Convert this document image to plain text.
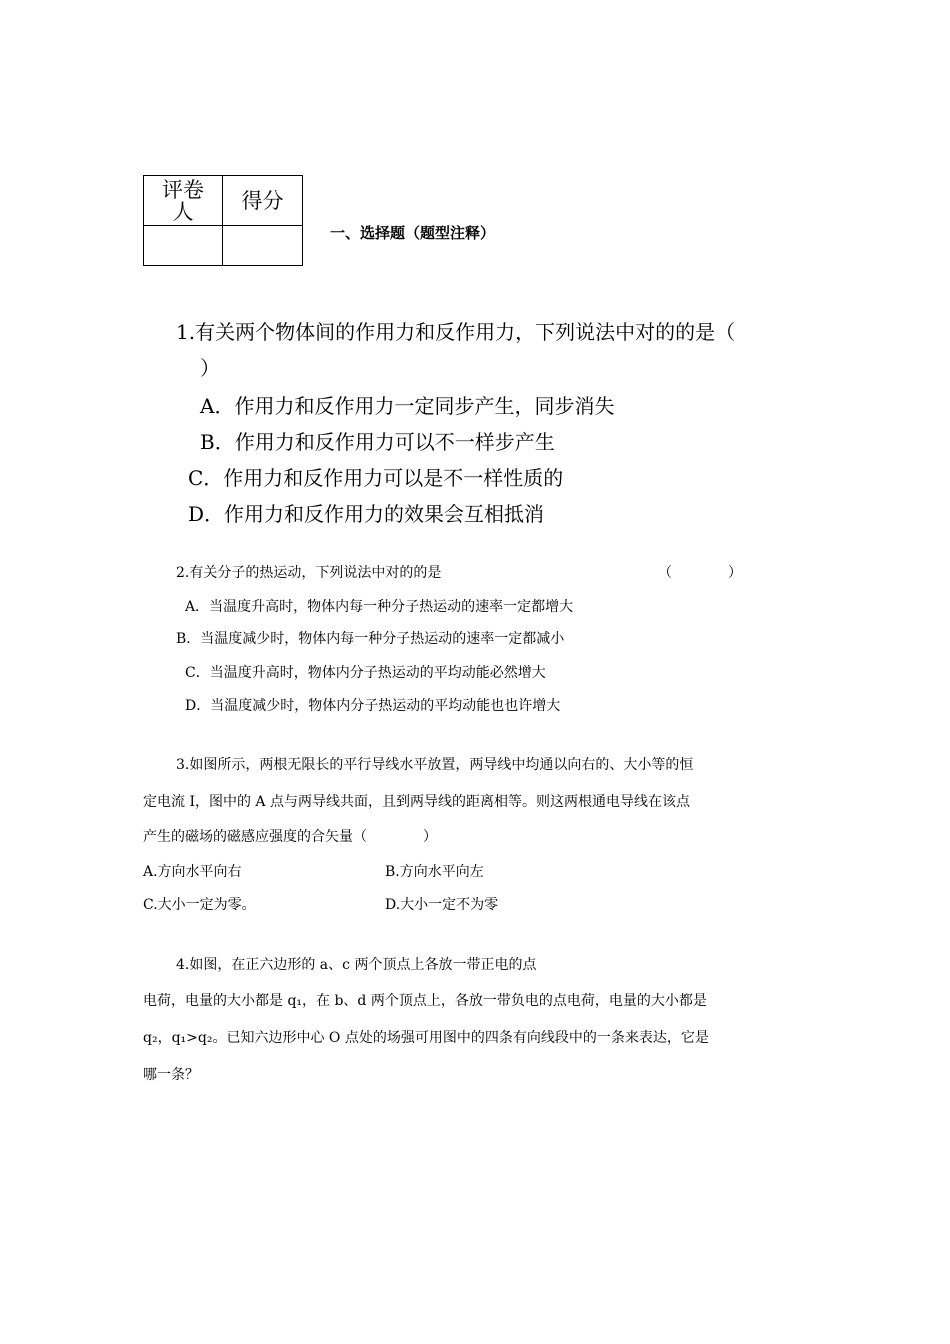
评卷
人	得分

一、选择题（题型注释）
1.有关两个物体间的作用力和反作用力，下列说法中对的的是（
）
A．作用力和反作用力一定同步产生，同步消失
B．作用力和反作用力可以不一样步产生
C．作用力和反作用力可以是不一样性质的
D．作用力和反作用力的效果会互相抵消
2.有关分子的热运动，下列说法中对的的是	（　　　　）
A．当温度升高时，物体内每一种分子热运动的速率一定都增大
B．当温度减少时，物体内每一种分子热运动的速率一定都减小
C．当温度升高时，物体内分子热运动的平均动能必然增大
D．当温度减少时，物体内分子热运动的平均动能也也许增大
3.如图所示，两根无限长的平行导线水平放置，两导线中均通以向右的、大小等的恒
定电流 I，图中的 A 点与两导线共面，且到两导线的距离相等。则这两根通电导线在该点
产生的磁场的磁感应强度的合矢量（　　　　）
A.方向水平向右	B.方向水平向左
C.大小一定为零。	D.大小一定不为零
4.如图，在正六边形的 a、c 两个顶点上各放一带正电的点
电荷，电量的大小都是 q₁，在 b、d 两个顶点上，各放一带负电的点电荷，电量的大小都是
q₂，q₁>q₂。已知六边形中心 O 点处的场强可用图中的四条有向线段中的一条来表达，它是
哪一条？
